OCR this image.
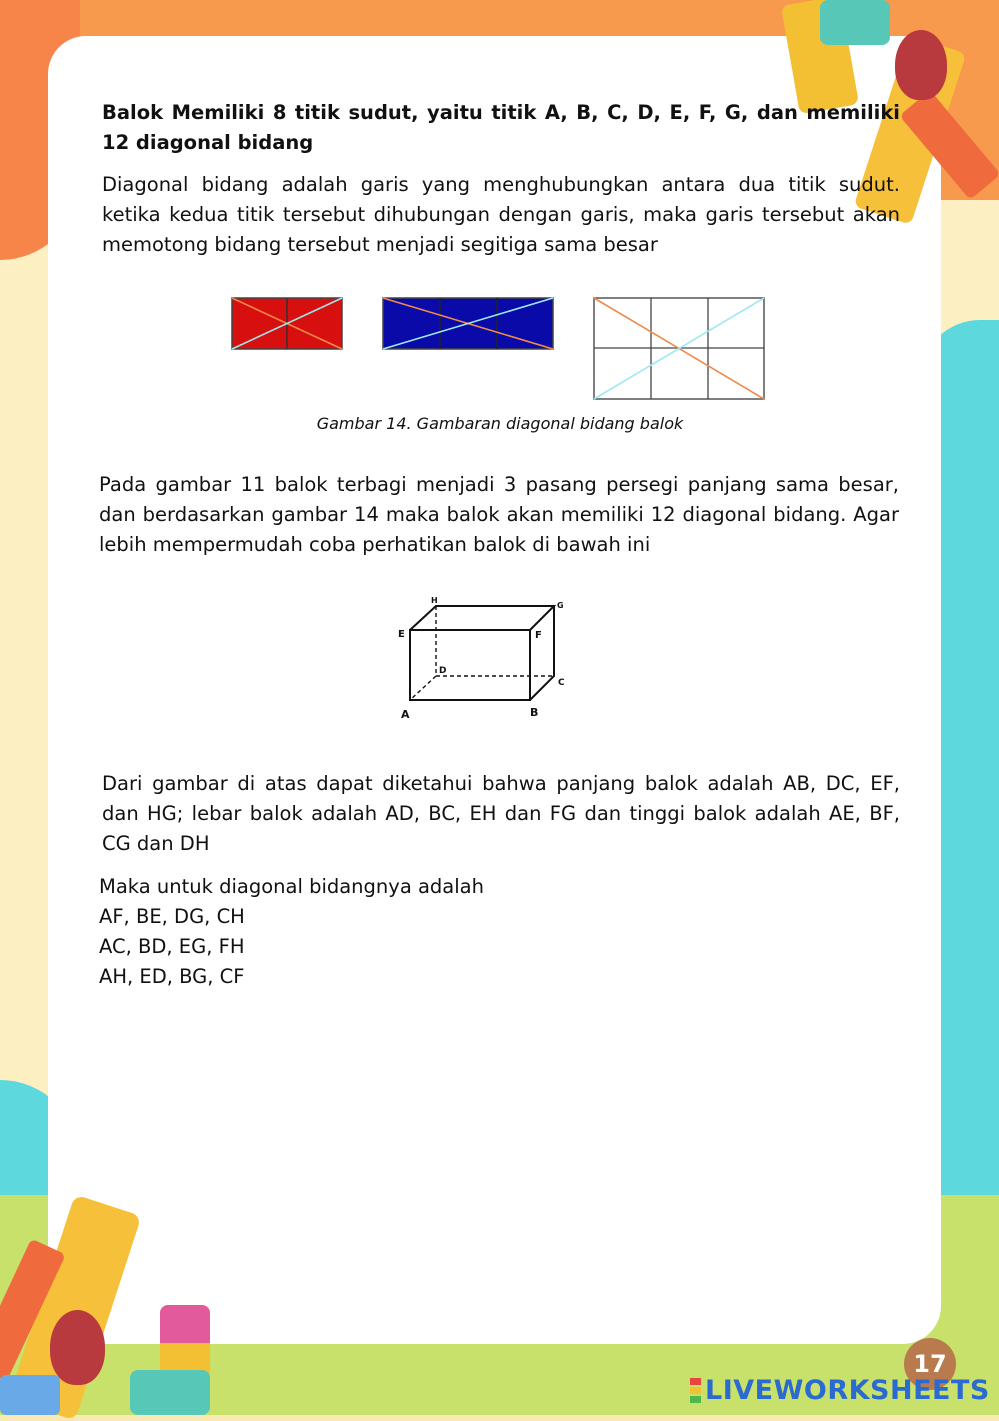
Balok Memiliki 8 titik sudut, yaitu titik A, B, C, D, E, F, G, dan memiliki 12 diagonal bidang
Diagonal bidang adalah garis yang menghubungkan antara dua titik sudut. ketika kedua titik tersebut dihubungan dengan garis, maka garis tersebut akan memotong bidang tersebut menjadi segitiga sama besar
Gambar 14. Gambaran diagonal bidang balok
Pada gambar 11 balok terbagi menjadi 3 pasang persegi panjang sama besar, dan berdasarkan gambar 14 maka balok akan memiliki 12 diagonal bidang. Agar lebih mempermudah coba perhatikan balok di bawah ini
A	B
C
D
E	F
G
H
Dari gambar di atas dapat diketahui bahwa panjang balok adalah AB, DC, EF, dan HG; lebar balok adalah AD, BC, EH dan FG dan tinggi balok adalah AE, BF, CG dan DH
Maka untuk diagonal bidangnya adalah
AF, BE, DG, CH
AC, BD, EG, FH
AH, ED, BG, CF
17
LIVEWORKSHEETS
